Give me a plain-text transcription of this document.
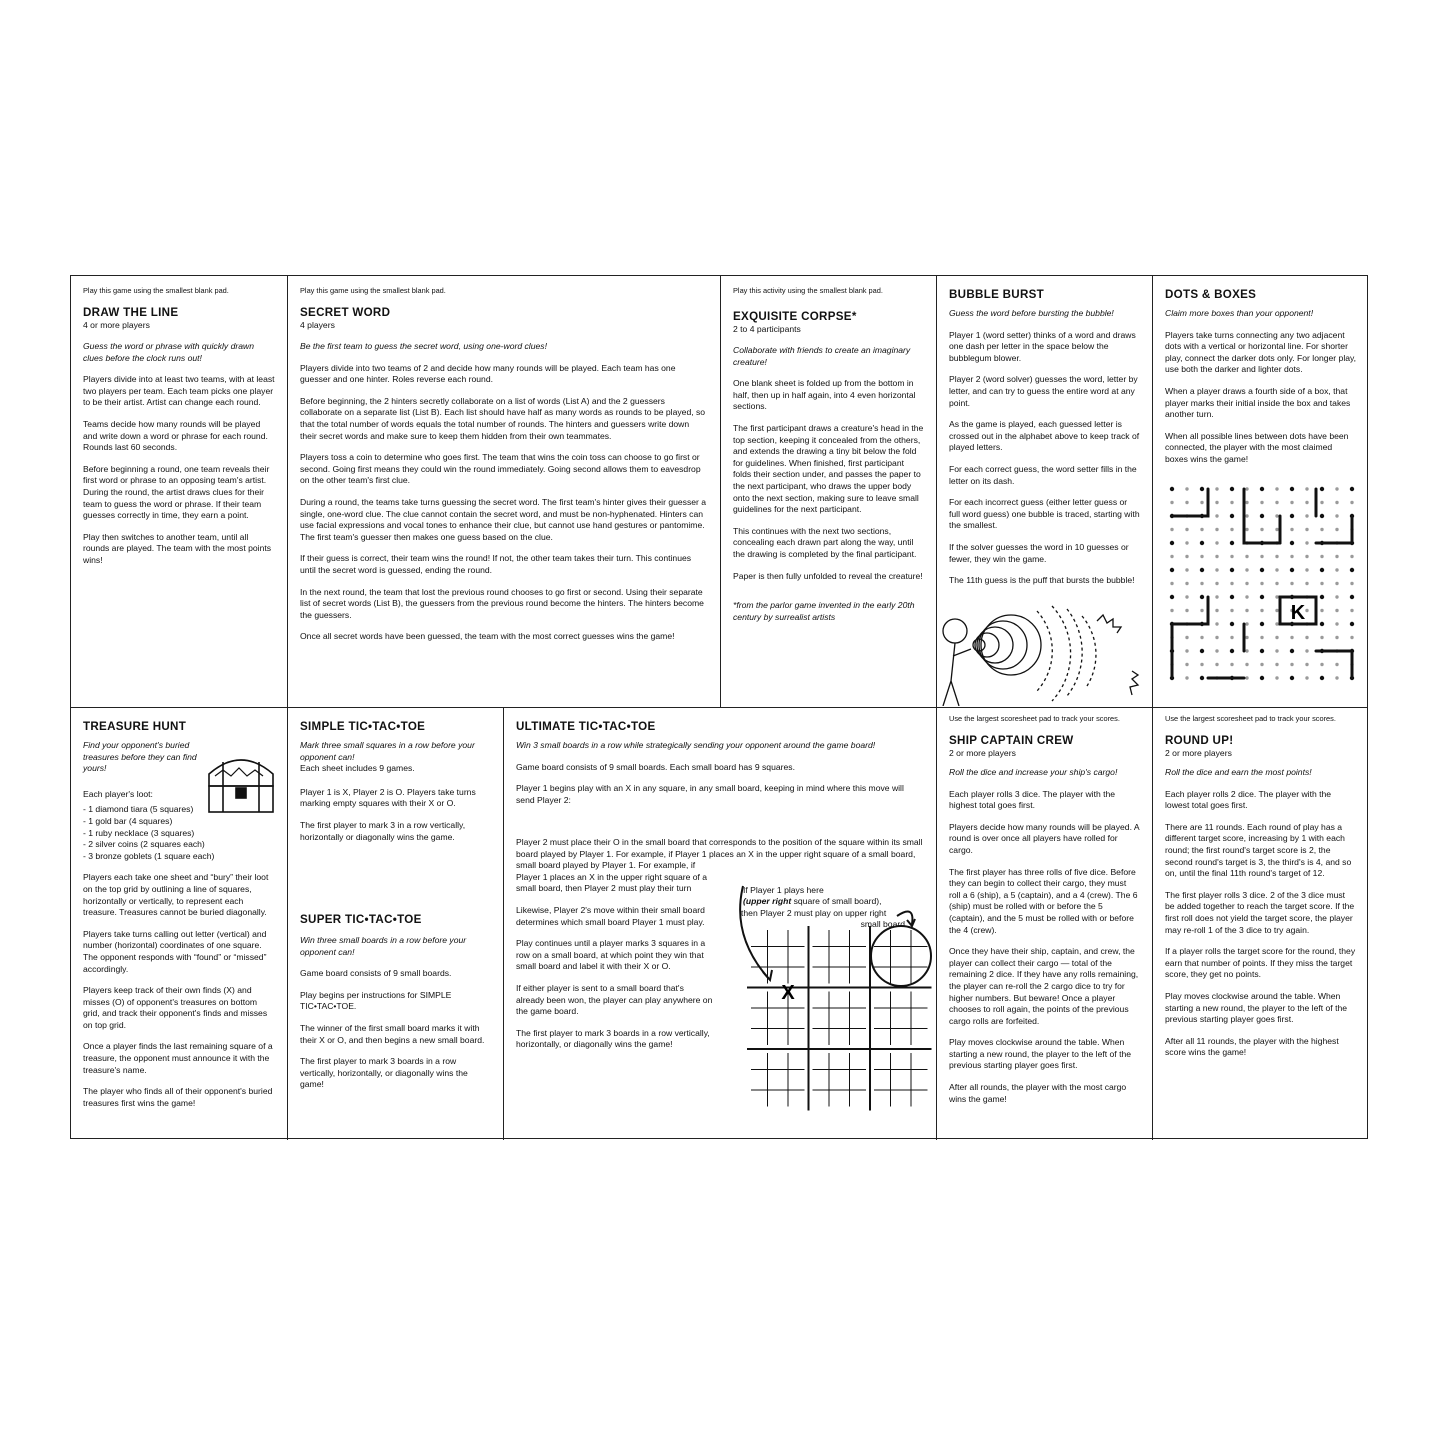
Play this game using the smallest blank pad.

DRAW THE LINE
4 or more players

Guess the word or phrase with quickly drawn clues before the clock runs out!

Players divide into at least two teams, with at least two players per team. Each team picks one player to be their artist. Artist can change each round.

Teams decide how many rounds will be played and write down a word or phrase for each round. Rounds last 60 seconds.

Before beginning a round, one team reveals their first word or phrase to an opposing team's artist. During the round, the artist draws clues for their team to guess the word or phrase. If their team guesses correctly in time, they earn a point.

Play then switches to another team, until all rounds are played. The team with the most points wins!

Play this game using the smallest blank pad.

SECRET WORD
4 players

Be the first team to guess the secret word, using one-word clues!

Players divide into two teams of 2 and decide how many rounds will be played. Each team has one guesser and one hinter. Roles reverse each round.

Before beginning, the 2 hinters secretly collaborate on a list of words (List A) and the 2 guessers collaborate on a separate list (List B). Each list should have half as many words as rounds to be played, so that the total number of words equals the total number of rounds. The hinters and guessers write down their secret words and make sure to keep them hidden from their own teammates.

Players toss a coin to determine who goes first. The team that wins the coin toss can choose to go first or second. Going first means they could win the round immediately. Going second allows them to eavesdrop on the other team's first clue.

During a round, the teams take turns guessing the secret word. The first team's hinter gives their guesser a single, one-word clue. The clue cannot contain the secret word, and must be non-hyphenated. Hinters can use facial expressions and vocal tones to enhance their clue, but cannot use hand gestures or pantomime. The first team's guesser then makes one guess based on the clue.

If their guess is correct, their team wins the round! If not, the other team takes their turn. This continues until the secret word is guessed, ending the round.

In the next round, the team that lost the previous round chooses to go first or second. Using their separate list of secret words (List B), the guessers from the previous round become the hinters. The hinters become the guessers.

Once all secret words have been guessed, the team with the most correct guesses wins the game!

Play this activity using the smallest blank pad.

EXQUISITE CORPSE*
2 to 4 participants

Collaborate with friends to create an imaginary creature!

One blank sheet is folded up from the bottom in half, then up in half again, into 4 even horizontal sections.

The first participant draws a creature's head in the top section, keeping it concealed from the others, and extends the drawing a tiny bit below the fold for guidelines. When finished, first participant folds their section under, and passes the paper to the next participant, who draws the upper body onto the next section, making sure to leave small guidelines for the next participant.

This continues with the next two sections, concealing each drawn part along the way, until the drawing is completed by the final participant.

Paper is then fully unfolded to reveal the creature!

*from the parlor game invented in the early 20th century by surrealist artists

BUBBLE BURST

Guess the word before bursting the bubble!

Player 1 (word setter) thinks of a word and draws one dash per letter in the space below the bubblegum blower.

Player 2 (word solver) guesses the word, letter by letter, and can try to guess the entire word at any point.

As the game is played, each guessed letter is crossed out in the alphabet above to keep track of played letters.

For each correct guess, the word setter fills in the letter on its dash.

For each incorrect guess (either letter guess or full word guess) one bubble is traced, starting with the smallest.

If the solver guesses the word in 10 guesses or fewer, they win the game.

The 11th guess is the puff that bursts the bubble!

DOTS & BOXES

Claim more boxes than your opponent!

Players take turns connecting any two adjacent dots with a vertical or horizontal line. For shorter play, connect the darker dots only. For longer play, use both the darker and lighter dots.

When a player draws a fourth side of a box, that player marks their initial inside the box and takes another turn.

When all possible lines between dots have been connected, the player with the most claimed boxes wins the game!

K
TREASURE HUNT

Find your opponent's buried treasures before they can find yours!

Each player's loot:

- 1 diamond tiara (5 squares)

- 1 gold bar (4 squares)

- 1 ruby necklace (3 squares)

- 2 silver coins (2 squares each)

- 3 bronze goblets (1 square each)

Players each take one sheet and “bury” their loot on the top grid by outlining a line of squares, horizontally or vertically, to represent each treasure. Treasures cannot be buried diagonally.

Players take turns calling out letter (vertical) and number (horizontal) coordinates of one square. The opponent responds with “found” or “missed” accordingly.

Players keep track of their own finds (X) and misses (O) of opponent's treasures on bottom grid, and track their opponent's finds and misses on top grid.

Once a player finds the last remaining square of a treasure, the opponent must announce it with the treasure's name.

The player who finds all of their opponent's buried treasures first wins the game!

SIMPLE TIC•TAC•TOE

Mark three small squares in a row before your opponent can!

Each sheet includes 9 games.

Player 1 is X, Player 2 is O. Players take turns marking empty squares with their X or O.

The first player to mark 3 in a row vertically, horizontally or diagonally wins the game.

SUPER TIC•TAC•TOE

Win three small boards in a row before your opponent can!

Game board consists of 9 small boards.

Play begins per instructions for SIMPLE TIC•TAC•TOE.

The winner of the first small board marks it with their X or O, and then begins a new small board.

The first player to mark 3 boards in a row vertically, horizontally, or diagonally wins the game!

ULTIMATE TIC•TAC•TOE

Win 3 small boards in a row while strategically sending your opponent around the game board!

Game board consists of 9 small boards. Each small board has 9 squares.

Player 1 begins play with an X in any square, in any small board, keeping in mind where this move will send Player 2:

Player 2 must place their O in the small board that corresponds to the position of the square within its small board played by Player 1. For example, if Player 1 places an X in the upper right square of a small board,

small board played by Player 1. For example, if Player 1 places an X in the upper right square of a small board, then Player 2 must play their turn

Likewise, Player 2's move within their small board determines which small board Player 1 must play.

Play continues until a player marks 3 squares in a row on a small board, at which point they win that small board and label it with their X or O.

If either player is sent to a small board that's already been won, the player can play anywhere on the game board.

The first player to mark 3 boards in a row vertically, horizontally, or diagonally wins the game!

If Player 1 plays here
(upper right square of small board),
then Player 2 must play on upper right
small board
X

Use the largest scoresheet pad to track your scores.

SHIP CAPTAIN CREW
2 or more players

Roll the dice and increase your ship's cargo!

Each player rolls 3 dice. The player with the highest total goes first.

Players decide how many rounds will be played. A round is over once all players have rolled for cargo.

The first player has three rolls of five dice. Before they can begin to collect their cargo, they must roll a 6 (ship), a 5 (captain), and a 4 (crew). The 6 (ship) must be rolled with or before the 5 (captain), and the 5 must be rolled with or before the 4 (crew).

Once they have their ship, captain, and crew, the player can collect their cargo — total of the remaining 2 dice. If they have any rolls remaining, the player can re-roll the 2 cargo dice to try for higher numbers. But beware! Once a player chooses to roll again, the points of the previous cargo rolls are forfeited.

Play moves clockwise around the table. When starting a new round, the player to the left of the previous starting player goes first.

After all rounds, the player with the most cargo wins the game!

Use the largest scoresheet pad to track your scores.

ROUND UP!
2 or more players

Roll the dice and earn the most points!

Each player rolls 2 dice. The player with the lowest total goes first.

There are 11 rounds. Each round of play has a different target score, increasing by 1 with each round; the first round's target score is 2, the second round's target is 3, the third's is 4, and so on, until the final 11th round's target of 12.

The first player rolls 3 dice. 2 of the 3 dice must be added together to reach the target score. If the first roll does not yield the target score, the player may re-roll 1 of the 3 dice to try again.

If a player rolls the target score for the round, they earn that number of points. If they miss the target score, they get no points.

Play moves clockwise around the table. When starting a new round, the player to the left of the previous starting player goes first.

After all 11 rounds, the player with the highest score wins the game!
